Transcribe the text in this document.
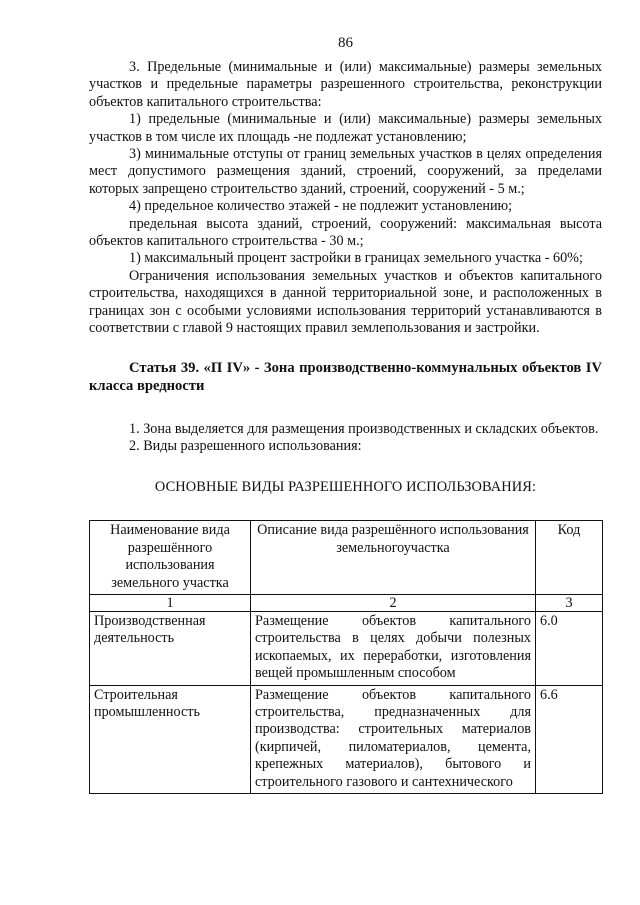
86

3. Предельные (минимальные и (или) максимальные) размеры земельных участков и предельные параметры разрешенного строительства, реконструкции объектов капитального строительства:

1) предельные (минимальные и (или) максимальные) размеры земельных участков в том числе их площадь -не подлежат установлению;

3) минимальные отступы от границ земельных участков в целях определения мест допустимого размещения зданий, строений, сооружений, за пределами которых запрещено строительство зданий, строений, сооружений - 5 м.;

4) предельное количество этажей - не подлежит установлению;

предельная высота зданий, строений, сооружений: максимальная высота объектов капитального строительства - 30 м.;

1) максимальный процент застройки в границах земельного участка - 60%;

Ограничения использования земельных участков и объектов капитального строительства, находящихся в данной территориальной зоне, и расположенных в границах зон с особыми условиями использования территорий устанавливаются в соответствии с главой 9 настоящих правил землепользования и застройки.

Статья 39. «П IV» - Зона производственно-коммунальных объектов IV класса вредности

1. Зона выделяется для размещения производственных и складских объектов.

2. Виды разрешенного использования:

ОСНОВНЫЕ ВИДЫ РАЗРЕШЕННОГО ИСПОЛЬЗОВАНИЯ:
Наименование вида разрешённого использования земельного участка	Описание вида разрешённого использования земельногоучастка	Код
1	2	3
Производственная деятельность	Размещение объектов капитального строительства в целях добычи полезных ископаемых, их переработки, изготовления вещей промышленным способом	6.0
Строительная промышленность	Размещение объектов капитального строительства, предназначенных для производства: строительных материалов (кирпичей, пиломатериалов, цемента, крепежных материалов), бытового и строительного газового и сантехнического	6.6
